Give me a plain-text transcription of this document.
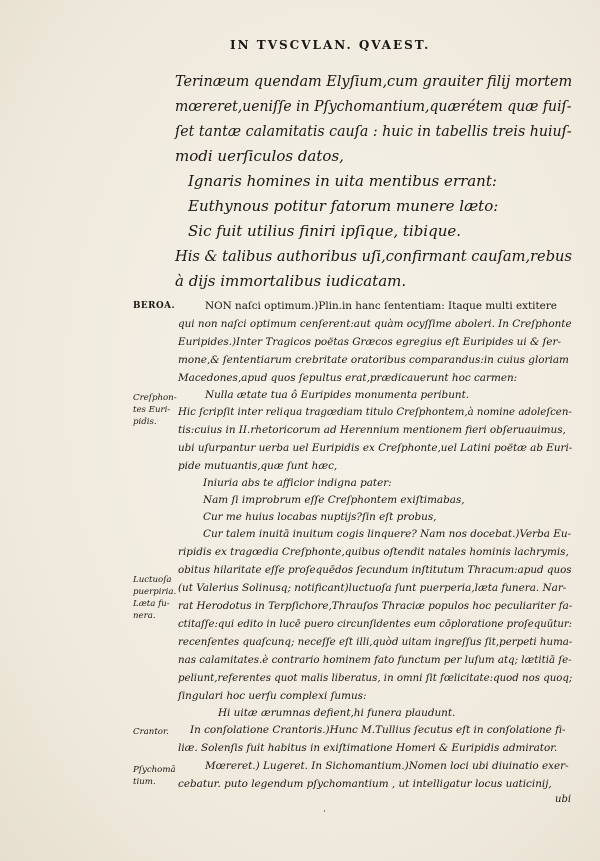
IN TVSCVLAN. QVAEST.
Terinæum quendam Elyſium,cum grauiter filij mortem
mœreret,ueniſſe in Pſychomantium,quærétem quæ fuiſ-
ſet tantæ calamitatis cauſa : huic in tabellis treis huiuſ-
modi uerſiculos datos,
Ignaris homines in uita mentibus errant:
Euthynous potitur fatorum munere læto:
Sic fuit utilius finiri ipſique, tibique.
His & talibus authoribus uſi,confirmant cauſam,rebus
à dijs immortalibus iudicatam.
NON naſci optimum.)Plin.in hanc ſententiam: Itaque multi extitere
qui non naſci optimum cenſerent:aut quàm ocyſſime aboleri. In Creſphonte
Euripides.)Inter Tragicos poëtas Græcos egregius eſt Euripides ui & ſer-
mone,& ſententiarum crebritate oratoribus comparandus:in cuius gloriam
Macedones,apud quos ſepultus erat,prædicauerunt hoc carmen:
Nulla ætate tua ô Euripides monumenta peribunt.
Hic ſcripſit inter reliqua tragœdiam titulo Creſphontem,à nomine adoleſcen-
tis:cuius in II.rhetoricorum ad Herennium mentionem fieri obſeruauimus,
ubi uſurpantur uerba uel Euripidis ex Creſphonte,uel Latini poëtæ ab Euri-
pide mutuantis,quæ ſunt hæc,
Iniuria abs te afficior indigna pater:
Nam ſi improbrum eſſe Creſphontem exiſtimabas,
Cur me huius locabas nuptijs?ſin eſt probus,
Cur talem inuitā inuitum cogis linquere? Nam nos docebat.)Verba Eu-
ripidis ex tragœdia Creſphonte,quibus oſtendit natales hominis lachrymis,
obitus hilaritate eſſe proſequēdos ſecundum inſtitutum Thracum:apud quos
(ut Valerius Solinusq; notificant)luctuoſa ſunt puerperia,læta funera. Nar-
rat Herodotus in Terpſichore,Thrauſos Thraciæ populos hoc peculiariter fa-
ctitaſſe:qui edito in lucē puero circunſidentes eum cōploratione proſequūtur:
recenſentes quaſcunq; neceſſe eſt illi,quòd uitam ingreſſus ſit,perpeti huma-
nas calamitates.è contrario hominem fato functum per luſum atq; lætitiā ſe-
peliunt,referentes quot malis liberatus, in omni ſit fœlicitate:quod nos quoq;
ſingulari hoc uerſu complexi ſumus:
Hi uitæ ærumnas defient,hi funera plaudunt.
In conſolatione Crantoris.)Hunc M.Tullius ſecutus eſt in conſolatione fi-
liæ. Solenſis fuit habitus in exiſtimatione Homeri & Euripidis admirator.
Mœreret.) Lugeret. In Sichomantium.)Nomen loci ubi diuinatio exer-
cebatur. puto legendum pſychomantium , ut intelligatur locus uaticinij,
ubi
BEROA.
Creſphon-
tes Euri-
pidis.
Luctuoſa
puerpiria.
Læta fu-
nera.
Crantor.
Pſychomā
tium.
˙
